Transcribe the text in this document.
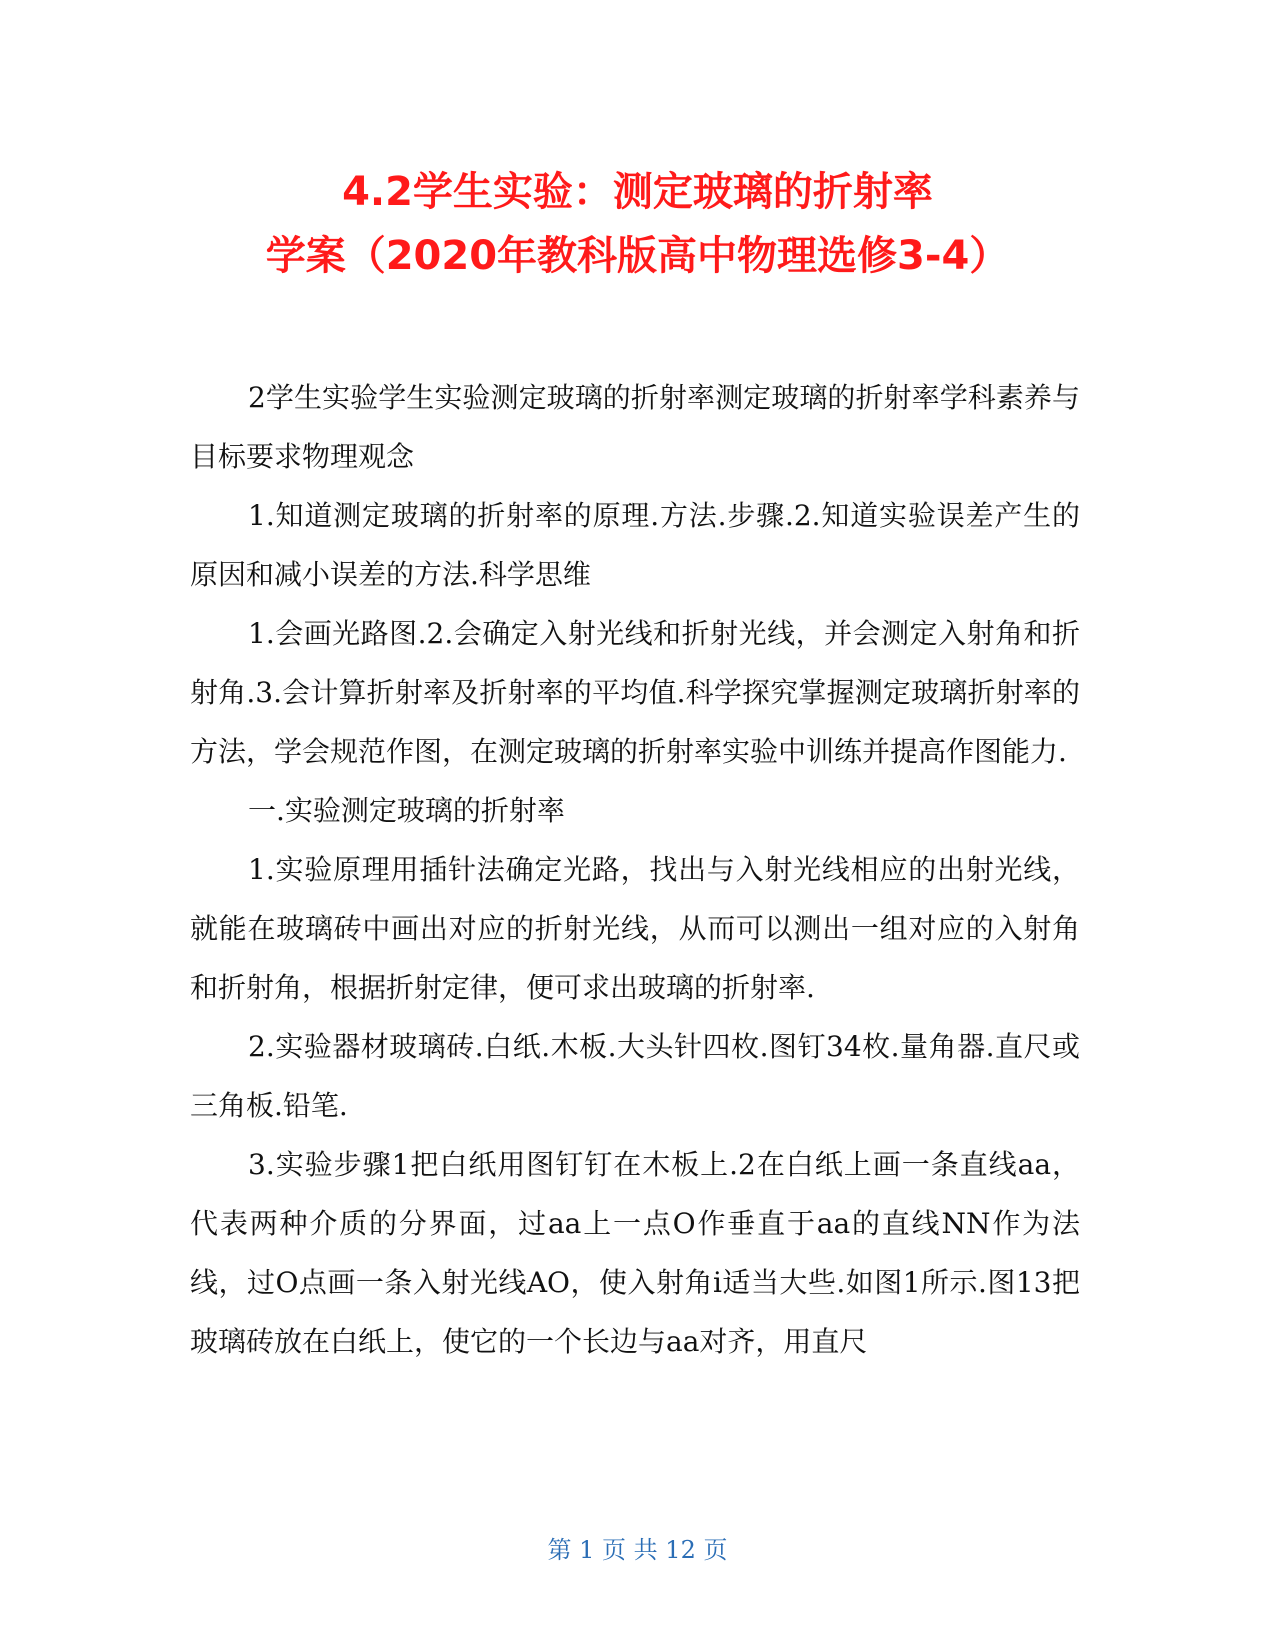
4.2学生实验：测定玻璃的折射率
学案（2020年教科版高中物理选修3-4）

2学生实验学生实验测定玻璃的折射率测定玻璃的折射率学科素养与目标要求物理观念

1.知道测定玻璃的折射率的原理.方法.步骤.2.知道实验误差产生的原因和减小误差的方法.科学思维

1.会画光路图.2.会确定入射光线和折射光线，并会测定入射角和折射角.3.会计算折射率及折射率的平均值.科学探究掌握测定玻璃折射率的方法，学会规范作图，在测定玻璃的折射率实验中训练并提高作图能力.

一.实验测定玻璃的折射率

1.实验原理用插针法确定光路，找出与入射光线相应的出射光线，就能在玻璃砖中画出对应的折射光线，从而可以测出一组对应的入射角和折射角，根据折射定律，便可求出玻璃的折射率.

2.实验器材玻璃砖.白纸.木板.大头针四枚.图钉34枚.量角器.直尺或三角板.铅笔.

3.实验步骤1把白纸用图钉钉在木板上.2在白纸上画一条直线aa，代表两种介质的分界面，过aa上一点O作垂直于aa的直线NN作为法线，过O点画一条入射光线AO，使入射角i适当大些.如图1所示.图13把玻璃砖放在白纸上，使它的一个长边与aa对齐，用直尺

第 1 页 共 12 页
